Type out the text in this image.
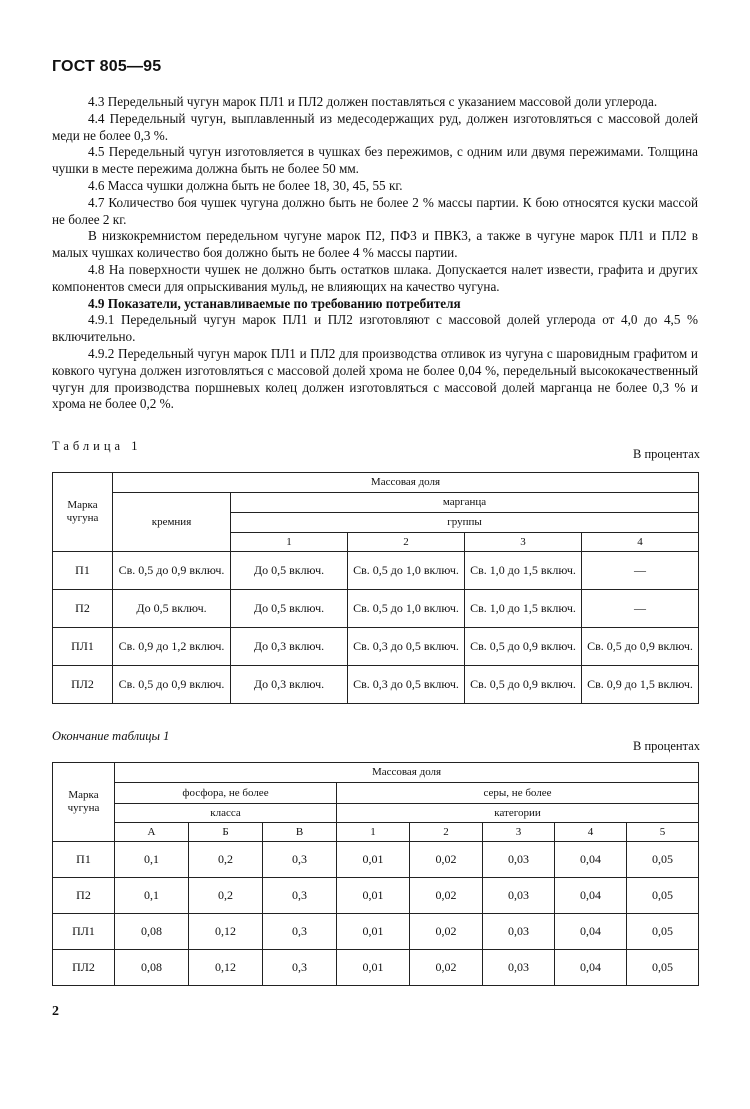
ГОСТ 805—95

4.3 Передельный чугун марок ПЛ1 и ПЛ2 должен поставляться с указанием массовой доли углерода.

4.4 Передельный чугун, выплавленный из медесодержащих руд, должен изготовляться с массовой долей меди не более 0,3 %.

4.5 Передельный чугун изготовляется в чушках без пережимов, с одним или двумя пережимами. Толщина чушки в месте пережима должна быть не более 50 мм.

4.6 Масса чушки должна быть не более 18, 30, 45, 55 кг.

4.7 Количество боя чушек чугуна должно быть не более 2 % массы партии. К бою относятся куски массой не более 2 кг.

В низкокремнистом передельном чугуне марок П2, ПФ3 и ПВК3, а также в чугуне марок ПЛ1 и ПЛ2 в малых чушках количество боя должно быть не более 4 % массы партии.

4.8 На поверхности чушек не должно быть остатков шлака. Допускается налет извести, графита и других компонентов смеси для опрыскивания мульд, не влияющих на качество чугуна.

4.9 Показатели, устанавливаемые по требованию потребителя

4.9.1 Передельный чугун марок ПЛ1 и ПЛ2 изготовляют с массовой долей углерода от 4,0 до 4,5 % включительно.

4.9.2 Передельный чугун марок ПЛ1 и ПЛ2 для производства отливок из чугуна с шаровидным графитом и ковкого чугуна должен изготовляться с массовой долей хрома не более 0,04 %, передельный высококачественный чугун для производства поршневых колец должен изготовляться с массовой долей марганца не более 0,3 % и хрома не более 0,2 %.

Таблица 1
В процентах
Марка чугуна	Массовая доля				
	кремния	марганца			
		группы			
		1	2	3	4
П1	Св. 0,5 до 0,9 включ.	До 0,5 включ.	Св. 0,5 до 1,0 включ.	Св. 1,0 до 1,5 включ.	—
П2	До 0,5 включ.	До 0,5 включ.	Св. 0,5 до 1,0 включ.	Св. 1,0 до 1,5 включ.	—
ПЛ1	Св. 0,9 до 1,2 включ.	До 0,3 включ.	Св. 0,3 до 0,5 включ.	Св. 0,5 до 0,9 включ.	Св. 0,5 до 0,9 включ.
ПЛ2	Св. 0,5 до 0,9 включ.	До 0,3 включ.	Св. 0,3 до 0,5 включ.	Св. 0,5 до 0,9 включ.	Св. 0,9 до 1,5 включ.
Окончание таблицы 1
В процентах
Марка чугуна	Массовая доля							
	фосфора, не более			серы, не более				
	класса			категории				
	А	Б	В	1	2	3	4	5
П1	0,1	0,2	0,3	0,01	0,02	0,03	0,04	0,05
П2	0,1	0,2	0,3	0,01	0,02	0,03	0,04	0,05
ПЛ1	0,08	0,12	0,3	0,01	0,02	0,03	0,04	0,05
ПЛ2	0,08	0,12	0,3	0,01	0,02	0,03	0,04	0,05
2
